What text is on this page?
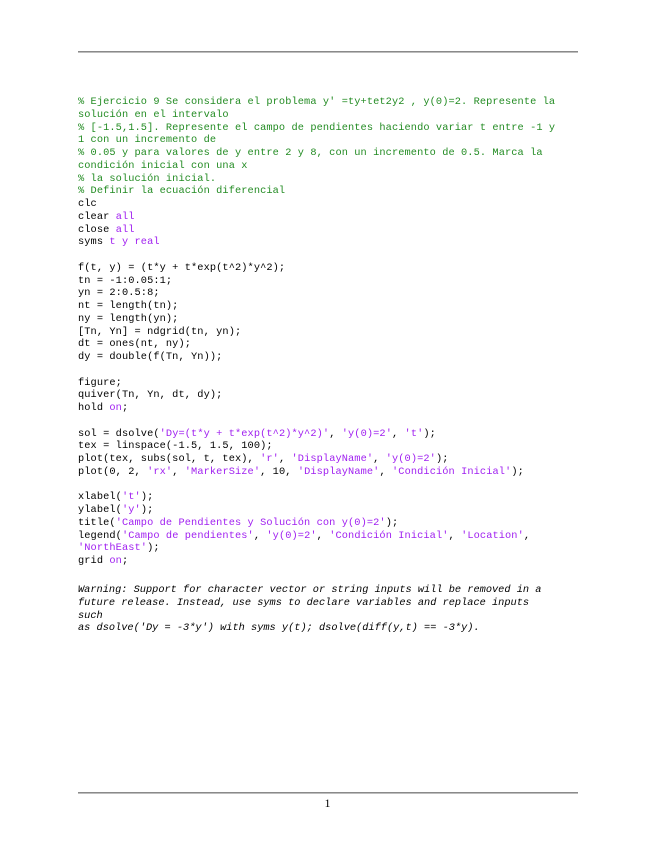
% Ejercicio 9 Se considera el problema y' =ty+tet2y2 , y(0)=2. Represente la
solución en el intervalo
% [-1.5,1.5]. Represente el campo de pendientes haciendo variar t entre -1 y
1 con un incremento de
% 0.05 y para valores de y entre 2 y 8, con un incremento de 0.5. Marca la
condición inicial con una x
% la solución inicial.
% Definir la ecuación diferencial
clc
clear all
close all
syms t y real
f(t, y) = (t*y + t*exp(t^2)*y^2);
tn = -1:0.05:1;
yn = 2:0.5:8;
nt = length(tn);
ny = length(yn);
[Tn, Yn] = ndgrid(tn, yn);
dt = ones(nt, ny);
dy = double(f(Tn, Yn));
figure;
quiver(Tn, Yn, dt, dy);
hold on;
sol = dsolve('Dy=(t*y + t*exp(t^2)*y^2)', 'y(0)=2', 't');
tex = linspace(-1.5, 1.5, 100);
plot(tex, subs(sol, t, tex), 'r', 'DisplayName', 'y(0)=2');
plot(0, 2, 'rx', 'MarkerSize', 10, 'DisplayName', 'Condición Inicial');
xlabel('t');
ylabel('y');
title('Campo de Pendientes y Solución con y(0)=2');
legend('Campo de pendientes', 'y(0)=2', 'Condición Inicial', 'Location',
'NorthEast');
grid on;
Warning: Support for character vector or string inputs will be removed in a
future release. Instead, use syms to declare variables and replace inputs
such
as dsolve('Dy = -3*y') with syms y(t); dsolve(diff(y,t) == -3*y).
1
